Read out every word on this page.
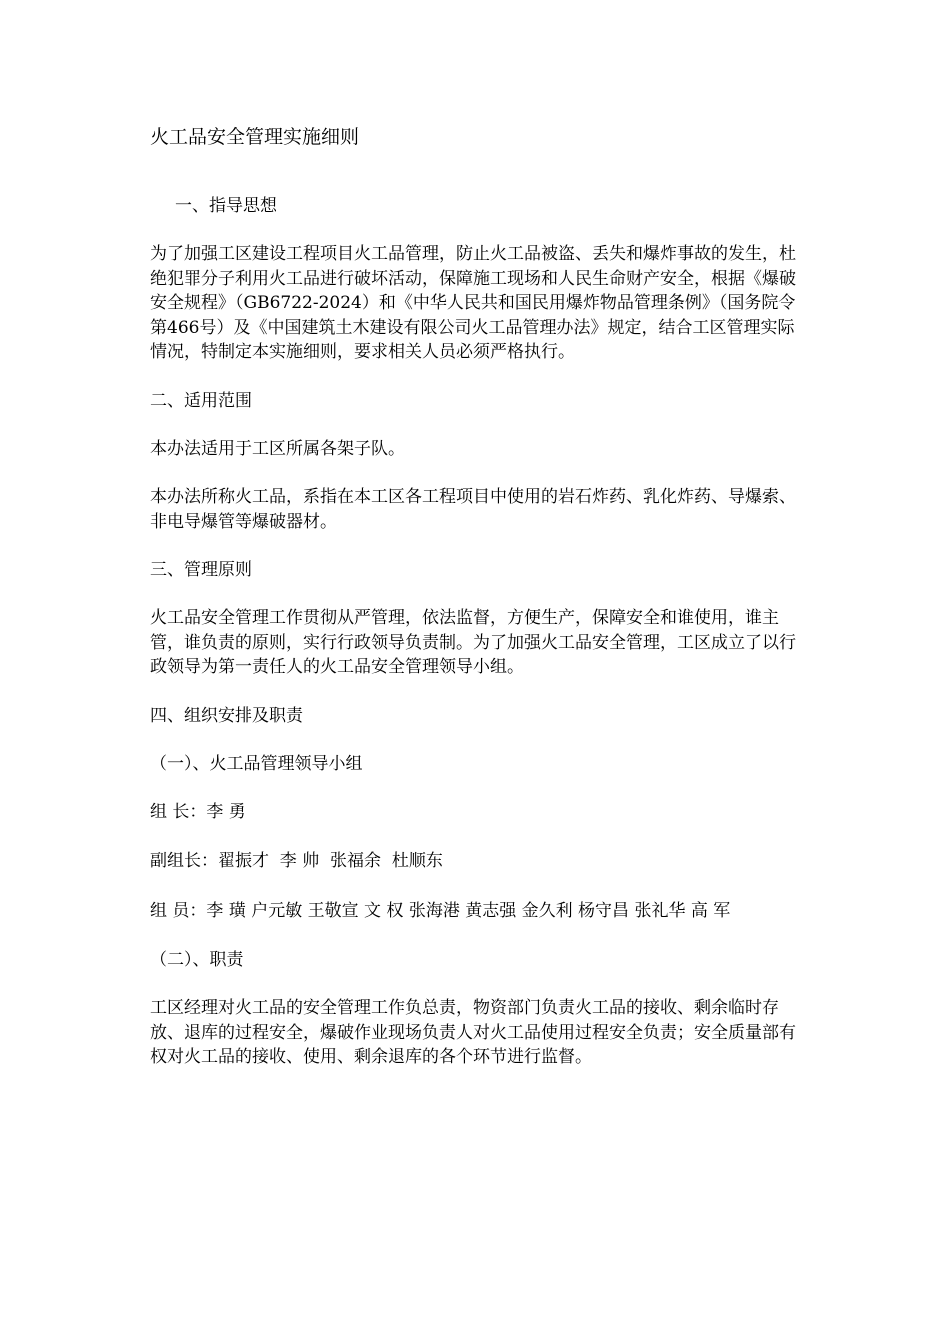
火工品安全管理实施细则
一、指导思想
为了加强工区建设工程项目火工品管理，防止火工品被盗、丢失和爆炸事故的发生，杜绝犯罪分子利用火工品进行破坏活动，保障施工现场和人民生命财产安全，根据《爆破安全规程》（GB6722-2024）和《中华人民共和国民用爆炸物品管理条例》（国务院令第466号）及《中国建筑土木建设有限公司火工品管理办法》规定，结合工区管理实际情况，特制定本实施细则，要求相关人员必须严格执行。
二、适用范围
本办法适用于工区所属各架子队。
本办法所称火工品，系指在本工区各工程项目中使用的岩石炸药、乳化炸药、导爆索、非电导爆管等爆破器材。
三、管理原则
火工品安全管理工作贯彻从严管理，依法监督，方便生产，保障安全和谁使用，谁主管，谁负责的原则，实行行政领导负责制。为了加强火工品安全管理，工区成立了以行政领导为第一责任人的火工品安全管理领导小组。
四、组织安排及职责
（一）、火工品管理领导小组
组 长：李 勇
副组长：翟振才  李 帅  张福余  杜顺东
组 员：李 璜 户元敏 王敬宣 文 权 张海港 黄志强 金久利 杨守昌 张礼华 高 军
（二）、职责
工区经理对火工品的安全管理工作负总责，物资部门负责火工品的接收、剩余临时存放、退库的过程安全，爆破作业现场负责人对火工品使用过程安全负责；安全质量部有权对火工品的接收、使用、剩余退库的各个环节进行监督。
